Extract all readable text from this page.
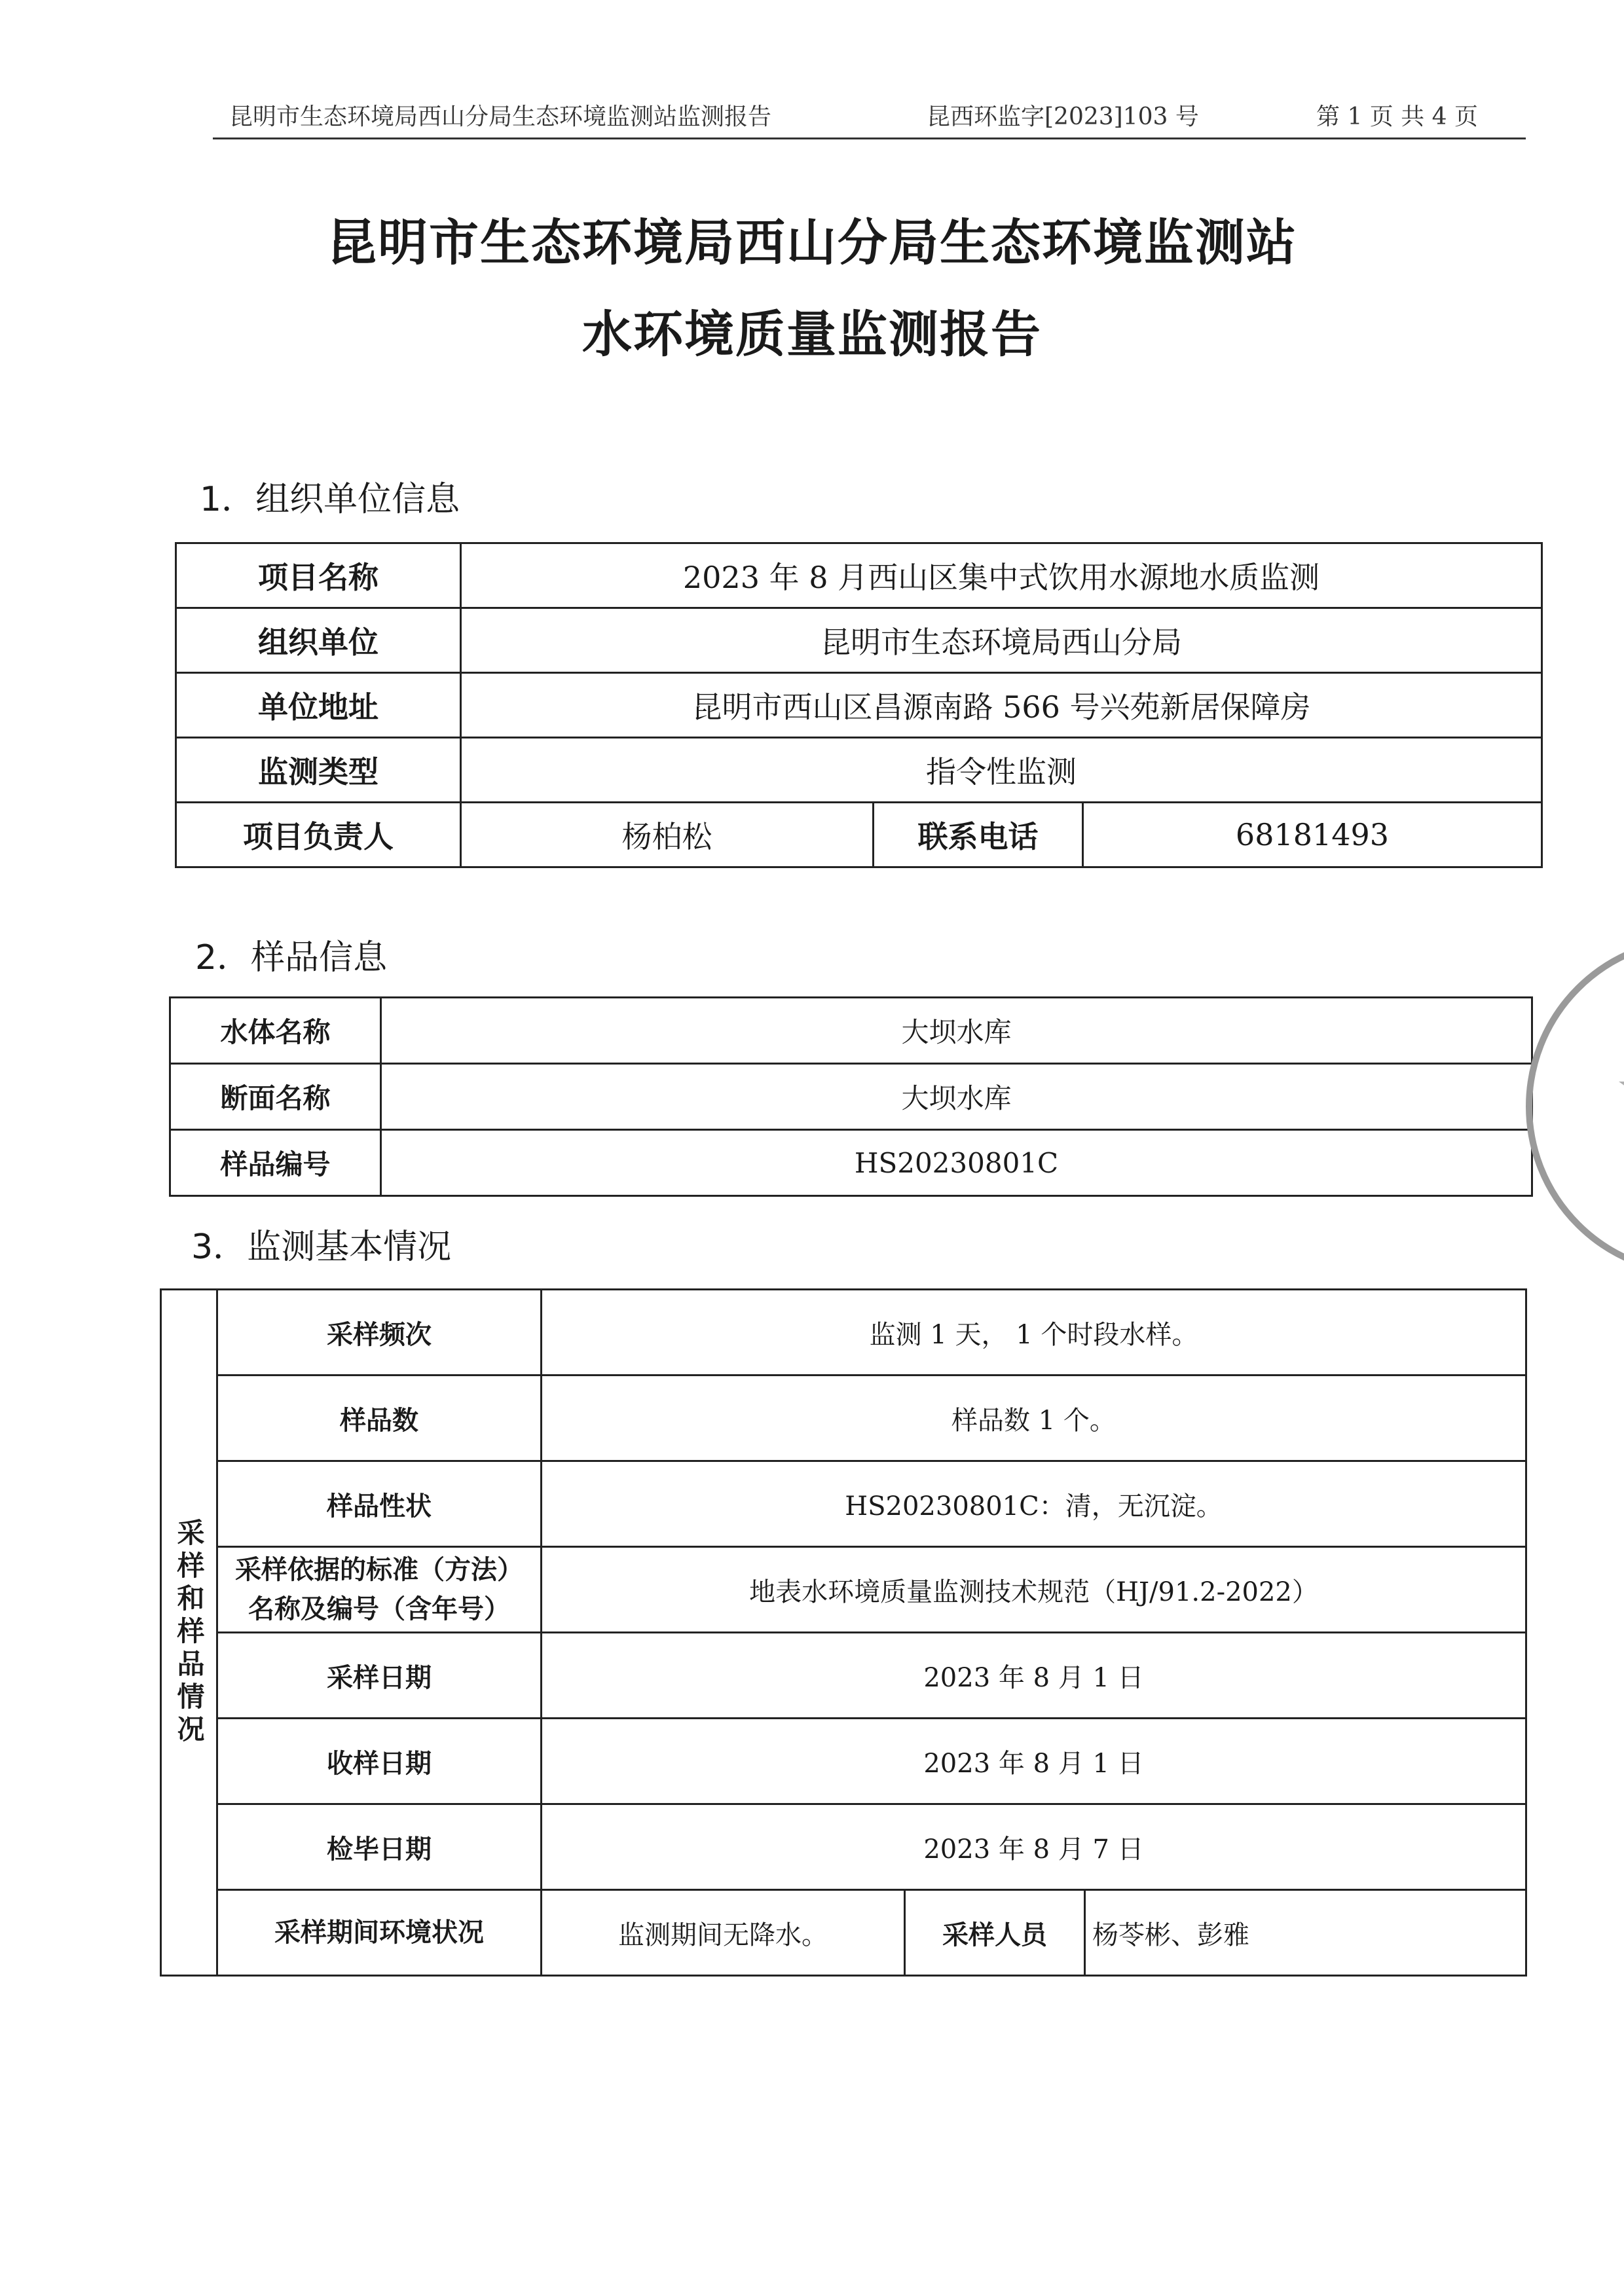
昆明市生态环境局西山分局生态环境监测站监测报告	昆西环监字[2023]103 号	第 1 页 共 4 页
昆明市生态环境局西山分局生态环境监测站
水环境质量监测报告
1．组织单位信息
项目名称	2023 年 8 月西山区集中式饮用水源地水质监测		
组织单位	昆明市生态环境局西山分局		
单位地址	昆明市西山区昌源南路 566 号兴苑新居保障房		
监测类型	指令性监测		
项目负责人	杨柏松	联系电话	68181493
2．样品信息
水体名称	大坝水库
断面名称	大坝水库
样品编号	HS20230801C
3．监测基本情况
采样和样品情况	采样频次	监测 1 天， 1 个时段水样。		
	样品数	样品数 1 个。		
	样品性状	HS20230801C：清，无沉淀。		
	采样依据的标准（方法）名称及编号（含年号）	地表水环境质量监测技术规范（HJ/91.2-2022）		
	采样日期	2023 年 8 月 1 日		
	收样日期	2023 年 8 月 1 日		
	检毕日期	2023 年 8 月 7 日		
	采样期间环境状况	监测期间无降水。	采样人员	杨苓彬、彭雅
